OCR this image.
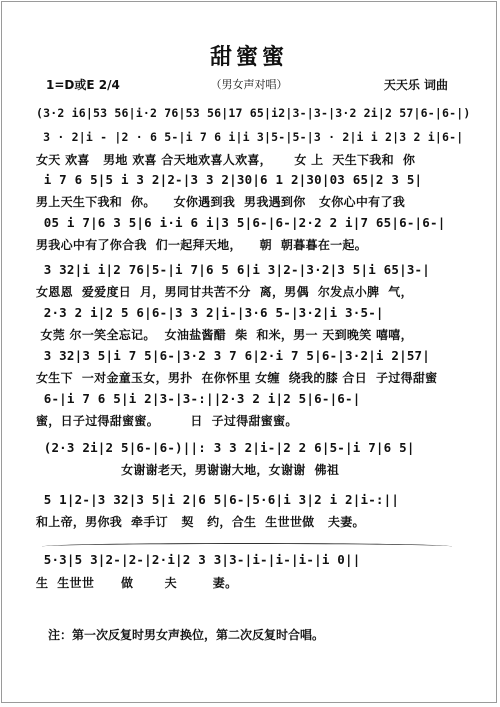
甜蜜蜜
1=D或E 2/4	（男女声对唱）	天天乐 词曲
(3·2 i6|53 56|i·2 76|53 56|17 65|i2|3-|3-|3·2 2i|2 57|6-|6-|)
3 · 2|i - |2 · 6 5-|i 7 6 i|i 3|5-|5-|3 · 2|i i 2|3 2 i|6-|
女天 欢喜   男地 欢喜 合天地欢喜人欢喜，     女 上  天生下我和  你
i 7 6 5|5 i 3 2|2-|3 3 2|30|6 1 2|30|03 65|2 3 5|
男上天生下我和  你。    女你遇到我  男我遇到你   女你心中有了我
05 i 7|6 3 5|6 i·i 6 i|3 5|6-|6-|2·2 2 i|7 65|6-|6-|
男我心中有了你合我  们一起拜天地，    朝  朝暮暮在一起。
3 32|i i|2 76|5-|i 7|6 5 6|i 3|2-|3·2|3 5|i 65|3-|
女恩恩  爱爱度日  月，男同甘共苦不分  离，男偶  尔发点小脾  气，
2·3 2 i|2 5 6|6-|3 3 2|i-|3·6 5-|3·2|i 3·5-|
女莞 尔一笑全忘记。  女油盐酱醋  柴  和米，男一 天到晚笑 嘻嘻，
3 32|3 5|i 7 5|6-|3·2 3 7 6|2·i 7 5|6-|3·2|i 2|57|
女生下  一对金童玉女，男扑  在你怀里 女缠  绕我的膝 合日  子过得甜蜜
6-|i 7 6 5|i 2|3-|3-:||2·3 2 i|2 5|6-|6-|
蜜，日子过得甜蜜蜜。       日  子过得甜蜜蜜。
(2·3 2i|2 5|6-|6-)||: 3 3 2|i-|2 2 6|5-|i 7|6 5|
女谢谢老天，男谢谢大地，女谢谢  佛祖
5 1|2-|3 32|3 5|i 2|6 5|6-|5·6|i 3|2 i 2|i-:||
和上帝，男你我  牵手订   契   约，合生  生世世做   夫妻。
5·3|5 3|2-|2-|2·i|2 3 3|3-|i-|i-|i-|i 0||
生  生世世      做       夫        妻。
注：第一次反复时男女声换位，第二次反复时合唱。
